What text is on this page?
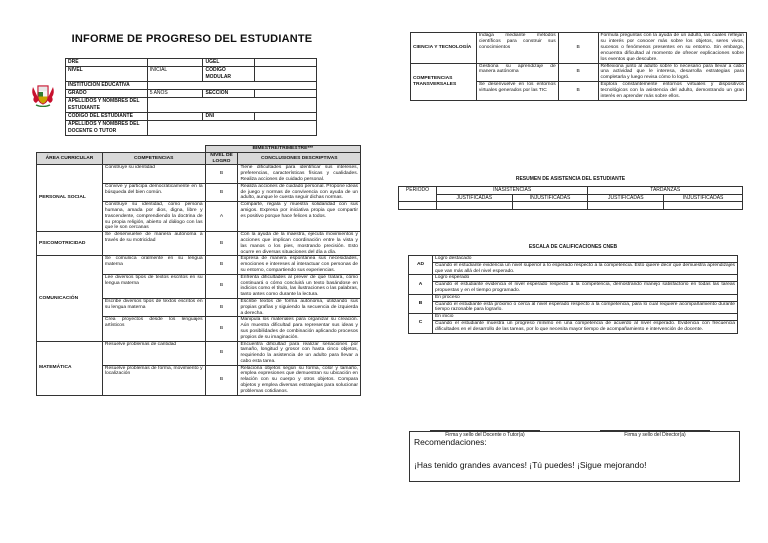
INFORME DE PROGRESO DEL ESTUDIANTE
DRE		UGEL	
NIVEL	INICIAL	CODIGO MODULAR	
INSTITUCION EDUCATIVA			
GRADO	5 AÑOS	SECCION	
APELLIDOS Y NOMBRES DEL ESTUDIANTE			
CODIGO DEL ESTUDIANTE		DNI	
APELLIDOS Y NOMBRES DEL DOCENTE O TUTOR			
		BIMESTRE/TRIMESTRE***	
ÁREA CURRICULAR	COMPETENCIAS	NIVEL DE LOGRO	CONCLUSIONES DESCRIPTIVAS
PERSONAL SOCIAL	Construye su identidad	B	Tiene dificultades para identificar sus intereses, preferencias, características físicas y cualidades. Realiza acciones de cuidado personal.
	Convive y participa democráticamente en la búsqueda del bien común.	B	Realiza acciones de cuidado personal. Propone ideas de juego y normas de convivencia con ayuda de un adulto, aunque le cuesta seguir dichas normas.
	Construye su identidad, como persona humana, amada por dios, digna, libre y trascendente, comprendiendo la doctrina de su propia religión, abierto al diálogo con las que le son cercanas	A	Comparte, regala y muestra solidaridad con sus amigos. Expresa por iniciativa propia que compartir es positivo porque hace felices a todos.
PSICOMOTRICIDAD	Se desenvuelve de manera autónoma a través de su motricidad	B	Con la ayuda de la maestra, ejecuta movimientos y acciones que implican coordinación entre la vista y las manos o los pies, mostrando precisión. Esto ocurre en diversas situaciones del día a día.
COMUNICACIÓN	Se comunica oralmente en su lengua materna	B	Expresa de manera espontánea sus necesidades, emociones e intereses al interactuar con personas de su entorno, compartiendo sus experiencias.
	Lee diversos tipos de textos escritos en su lengua materna	B	Enfrenta dificultades al prever de qué tratará, cómo continuará o cómo concluirá un texto basándose en indicios como el título, las ilustraciones o las palabras, tanto antes como durante la lectura.
	Escribe diversos tipos de textos escritos en su lengua materna	B	Escribe textos de forma autónoma, utilizando sus propias grafías y siguiendo la secuencia de izquierda a derecha.
	Crea proyectos desde los lenguajes artísticos	B	Manipula los materiales para organizar su creación. Aún muestra dificultad para representar sus ideas y sus posibilidades de combinación aplicando procesos propios de su imaginación.
MATEMÁTICA	Resuelve problemas de cantidad	B	Encuentra dificultad para realizar seriaciones por tamaño, longitud y grosor con hasta cinco objetos, requiriendo la asistencia de un adulto para llevar a cabo esta tarea.
	Resuelve problemas de forma, movimiento y localización	B	Relaciona objetos según su forma, color y tamaño, emplea expresiones que demuestran su ubicación en relación con su cuerpo y otros objetos. Compara objetos y emplea diversas estrategias para solucionar problemas cotidianos.
CIENCIA Y TECNOLOGÍA	Indaga mediante métodos científicos para construir sus conocimientos	B	Formula preguntas con la ayuda de un adulto, las cuales reflejan su interés por conocer más sobre los objetos, seres vivos, sucesos o fenómenos presentes en su entorno. Sin embargo, encuentra dificultad al momento de ofrecer explicaciones sobre los eventos que descubre.
COMPETENCIAS TRANSVERSALES	Gestiona su aprendizaje de manera autónoma	B	Reflexiona junto al adulto sobre lo necesario para llevar a cabo una actividad que le interesa, desarrolla estrategias para completarla y luego revisa cómo lo logró.
	Se desenvuelve en los entornos virtuales generados por las TIC	B	Explora constantemente entornos virtuales y dispositivos tecnológicos con la asistencia del adulto, demostrando un gran interés en aprender más sobre ellos.
RESUMEN DE ASISTENCIA DEL ESTUDIANTE
PERIODO	INASISTENCIAS		TARDANZAS	
	JUSTIFICADAS	INJUSTIFICADAS	JUSTIFICADAS	INJUSTIFICADAS

ESCALA DE CALIFICACIONES CNEB
AD	Logro destacado
	Cuando el estudiante evidencia un nivel superior a lo esperado respecto a la competencia. Esto quiere decir que demuestra aprendizajes que van más allá del nivel esperado.
A	Logro esperado
	Cuando el estudiante evidencia el nivel esperado respecto a la competencia, demostrando manejo satisfactorio en todas las tareas propuestas y en el tiempo programado.
B	En proceso
	Cuando el estudiante está próximo o cerca al nivel esperado respecto a la competencia, para lo cual requiere acompañamiento durante tiempo razonable para lograrlo.
C	En inicio
	Cuando el estudiante muestra un progreso mínimo en una competencia de acuerdo al nivel esperado. Evidencia con frecuencia dificultades en el desarrollo de las tareas, por lo que necesita mayor tiempo de acompañamiento e intervención de docente.
Recomendaciones:
¡Has tenido grandes avances! ¡Tú puedes! ¡Sigue mejorando!
Firma y sello del Docente o Tutor(a)	Firma y sello del Director(a)
